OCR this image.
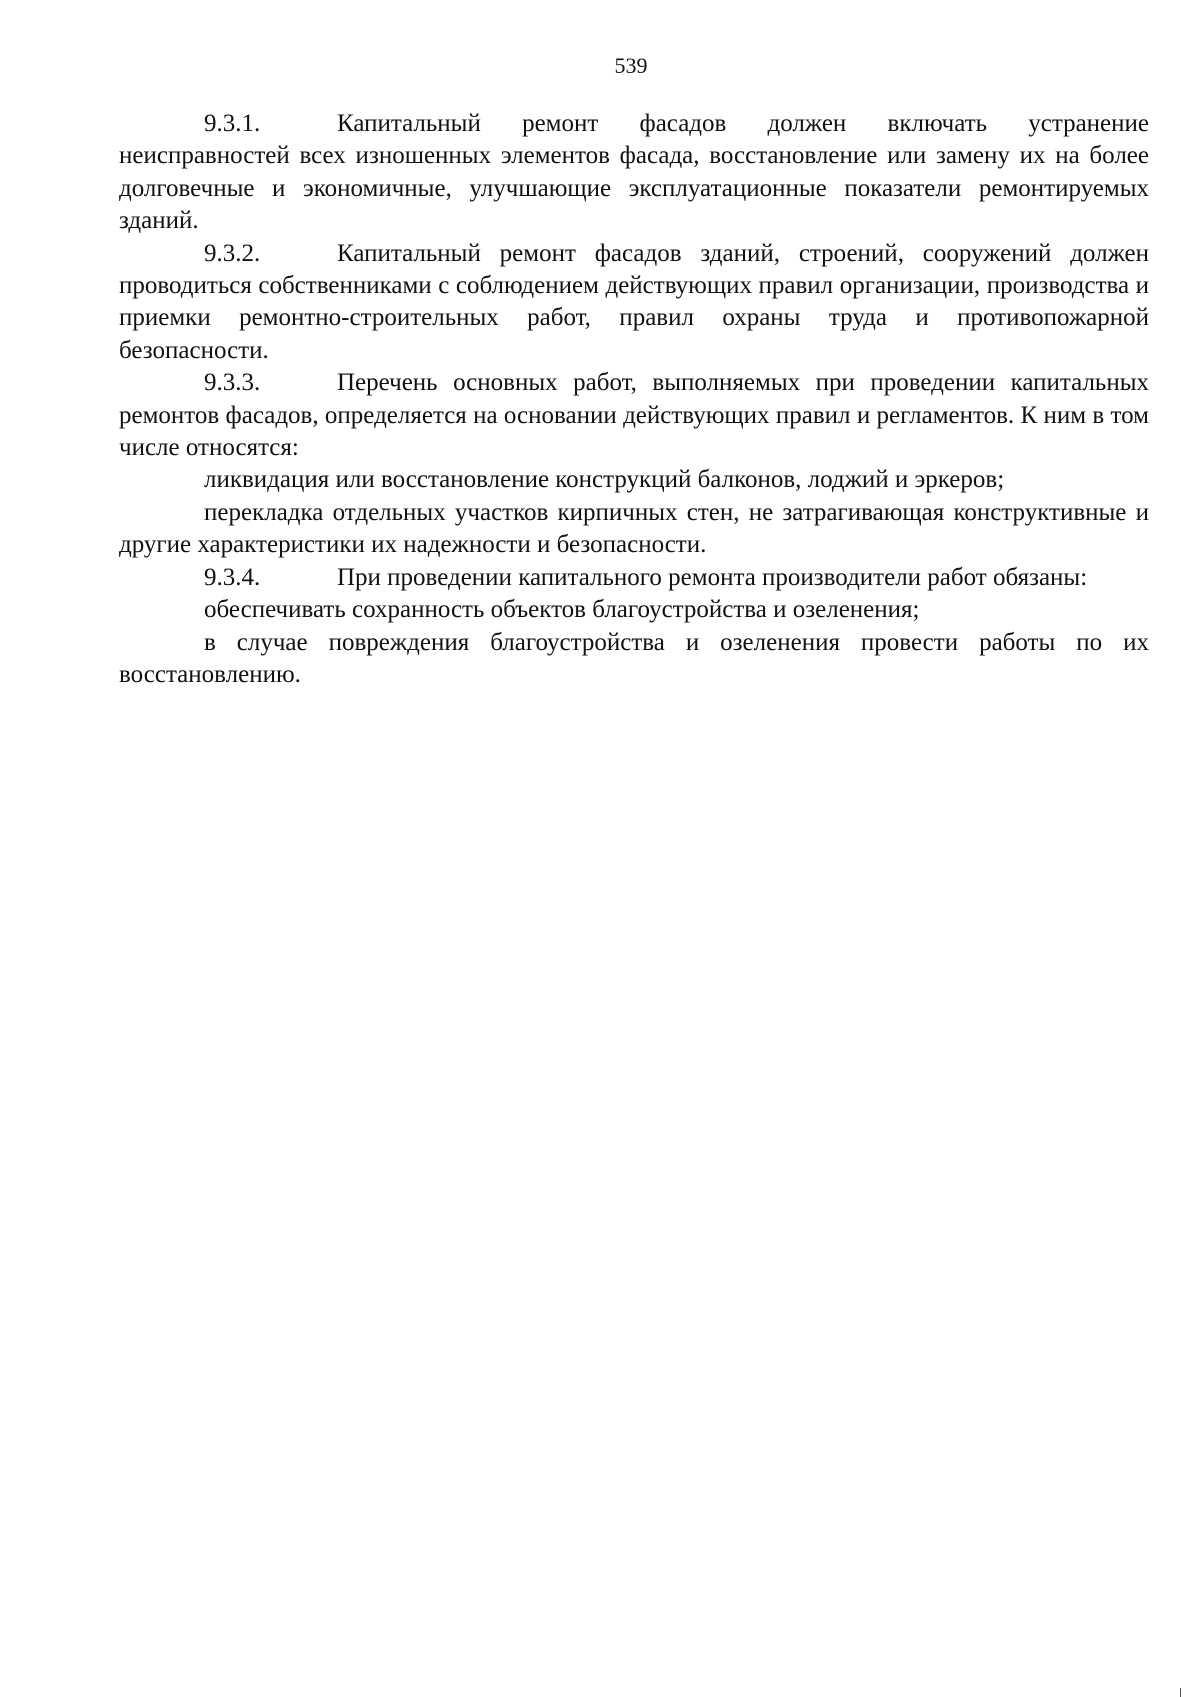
539

9.3.1.	Капитальный ремонт фасадов должен включать устранение неисправностей всех изношенных элементов фасада, восстановление или замену их на более долговечные и экономичные, улучшающие эксплуатационные показатели ремонтируемых зданий.

9.3.2.	Капитальный ремонт фасадов зданий, строений, сооружений должен проводиться собственниками с соблюдением действующих правил организации, производства и приемки ремонтно-строительных работ, правил охраны труда и противопожарной безопасности.

9.3.3.	Перечень основных работ, выполняемых при проведении капитальных ремонтов фасадов, определяется на основании действующих правил и регламентов. К ним в том числе относятся:

ликвидация или восстановление конструкций балконов, лоджий и эркеров;

перекладка отдельных участков кирпичных стен, не затрагивающая конструктивные и другие характеристики их надежности и безопасности.

9.3.4.	При проведении капитального ремонта производители работ обязаны:

обеспечивать сохранность объектов благоустройства и озеленения;

в случае повреждения благоустройства и озеленения провести работы по их восстановлению.
